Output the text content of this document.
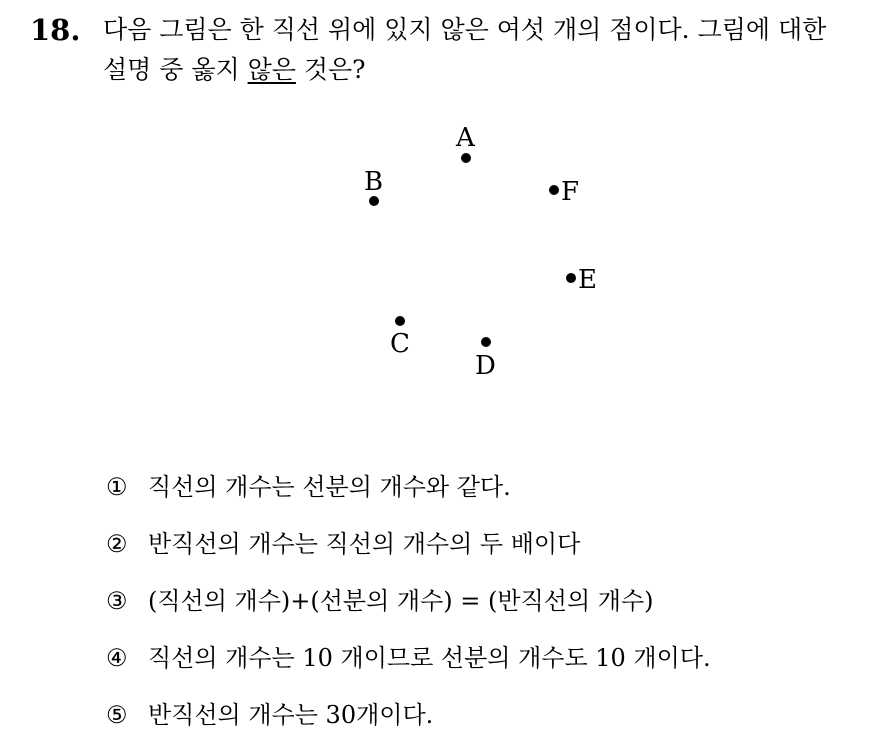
18. 다음 그림은 한 직선 위에 있지 않은 여섯 개의 점이다. 그림에 대한
설명 중 옳지 않은 것은?
A
B	F
E
C
D
① 직선의 개수는 선분의 개수와 같다.
② 반직선의 개수는 직선의 개수의 두 배이다
③ (직선의 개수)+(선분의 개수) = (반직선의 개수)
④ 직선의 개수는 10 개이므로 선분의 개수도 10 개이다.
⑤ 반직선의 개수는 30개이다.
